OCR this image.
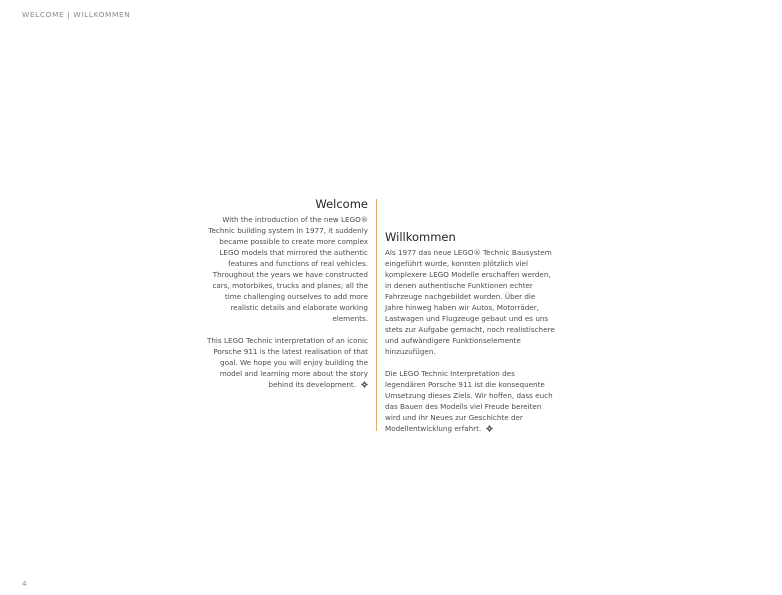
WELCOME | WILLKOMMEN
Welcome

With the introduction of the new LEGO® Technic building system in 1977, it suddenly became possible to create more complex LEGO models that mirrored the authentic features and functions of real vehicles. Throughout the years we have constructed cars, motorbikes, trucks and planes; all the time challenging ourselves to add more realistic details and elaborate working elements.

This LEGO Technic interpretation of an iconic Porsche 911 is the latest realisation of that goal. We hope you will enjoy building the model and learning more about the story behind its development.

Willkommen

Als 1977 das neue LEGO® Technic Bausystem eingeführt wurde, konnten plötzlich viel komplexere LEGO Modelle erschaffen werden, in denen authentische Funktionen echter Fahrzeuge nachgebildet wurden. Über die Jahre hinweg haben wir Autos, Motorräder, Lastwagen und Flugzeuge gebaut und es uns stets zur Aufgabe gemacht, noch realistischere und aufwändigere Funktionselemente hinzuzufügen.

Die LEGO Technic Interpretation des legendären Porsche 911 ist die konsequente Umsetzung dieses Ziels. Wir hoffen, dass euch das Bauen des Modells viel Freude bereiten wird und ihr Neues zur Geschichte der Modellentwicklung erfahrt.

4
